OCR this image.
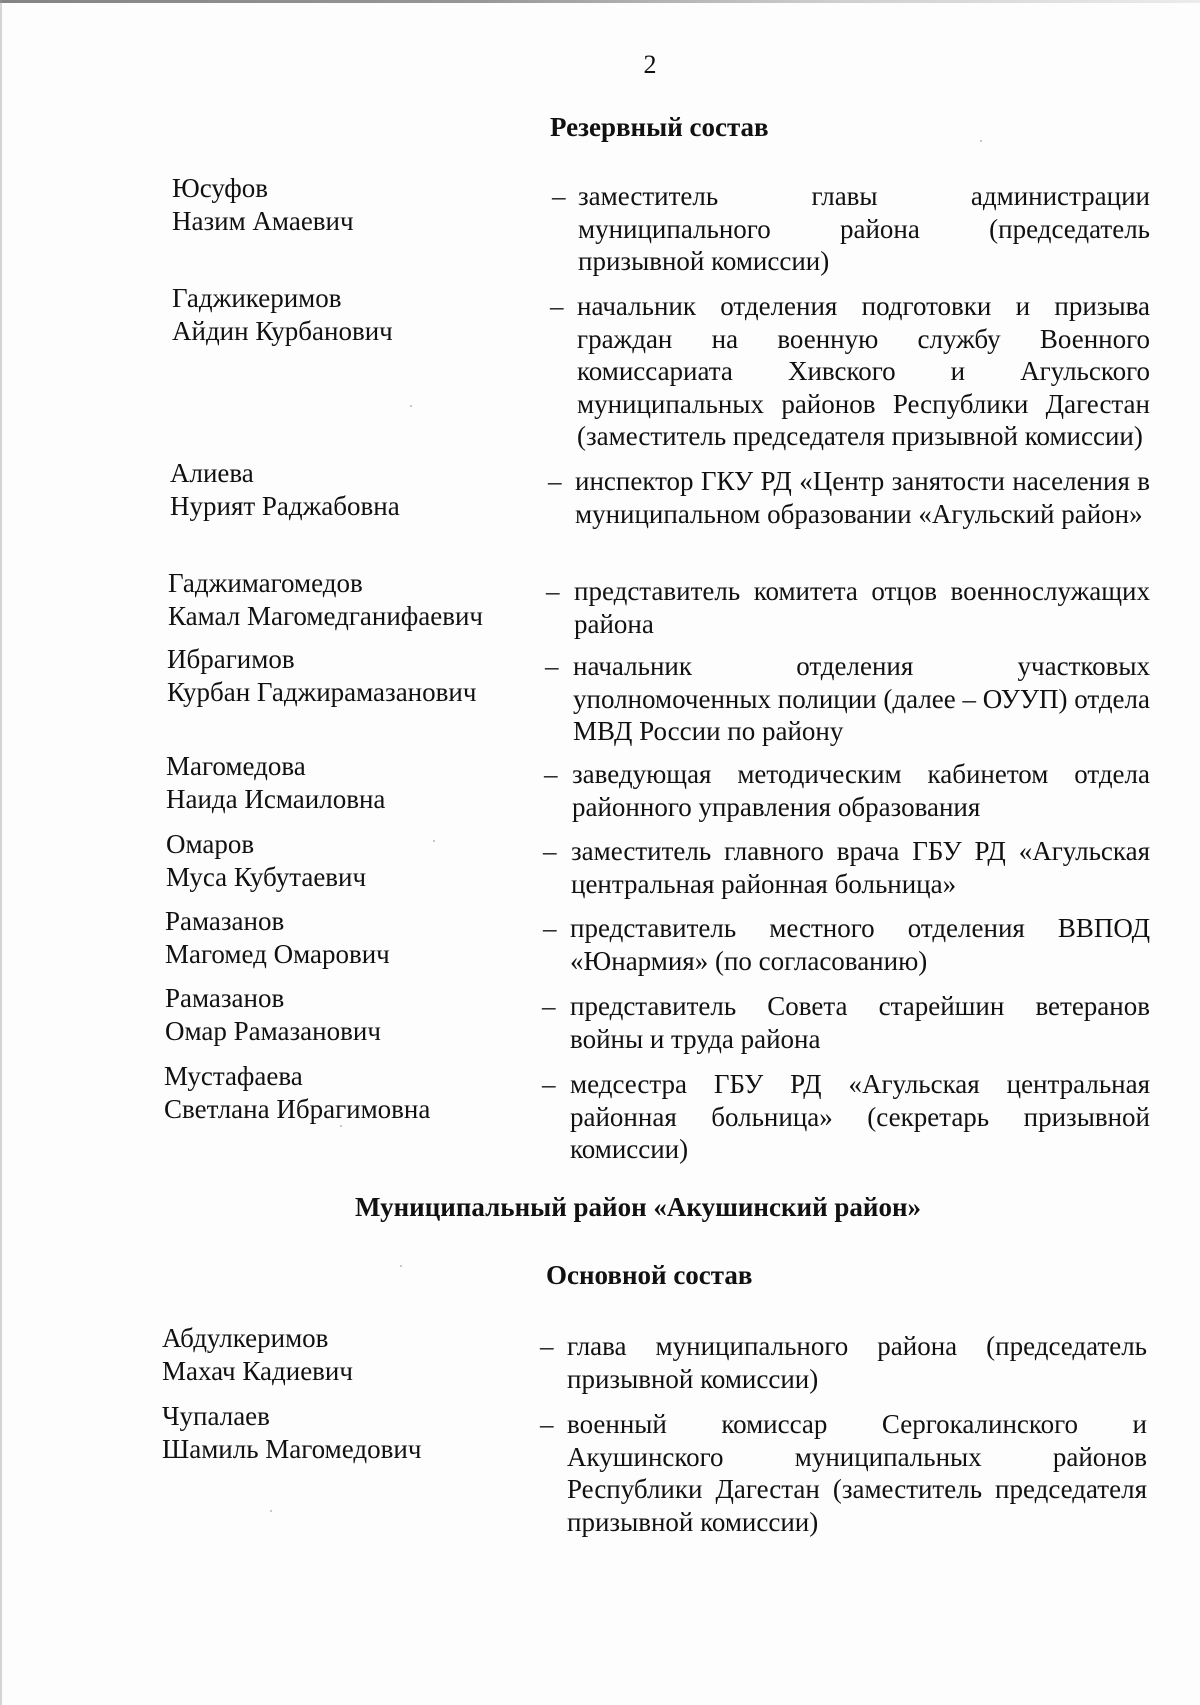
2
Резервный состав
Юсуфов
Назим Амаевич
– заместитель главы администрации муниципального района (председатель призывной комиссии)
Гаджикеримов
Айдин Курбанович
– начальник отделения подготовки и призыва граждан на военную службу Военного комиссариата Хивского и Агульского муниципальных районов Республики Дагестан (заместитель председателя призывной комиссии)
Алиева
Нурият Раджабовна
– инспектор ГКУ РД «Центр занятости населения в муниципальном образовании «Агульский район»
Гаджимагомедов
Камал Магомедганифаевич
– представитель комитета отцов военнослужащих района
Ибрагимов
Курбан Гаджирамазанович
– начальник отделения участковых уполномоченных полиции (далее – ОУУП) отдела МВД России по району
Магомедова
Наида Исмаиловна
– заведующая методическим кабинетом отдела районного управления образования
Омаров
Муса Кубутаевич
– заместитель главного врача ГБУ РД «Агульская центральная районная больница»
Рамазанов
Магомед Омарович
– представитель местного отделения ВВПОД «Юнармия» (по согласованию)
Рамазанов
Омар Рамазанович
– представитель Совета старейшин ветеранов войны и труда района
Мустафаева
Светлана Ибрагимовна
– медсестра ГБУ РД «Агульская центральная районная больница» (секретарь призывной комиссии)
Муниципальный район «Акушинский район»
Основной состав
Абдулкеримов
Махач Кадиевич
– глава муниципального района (председатель призывной комиссии)
Чупалаев
Шамиль Магомедович
– военный комиссар Сергокалинского и Акушинского муниципальных районов Республики Дагестан (заместитель председателя призывной комиссии)
